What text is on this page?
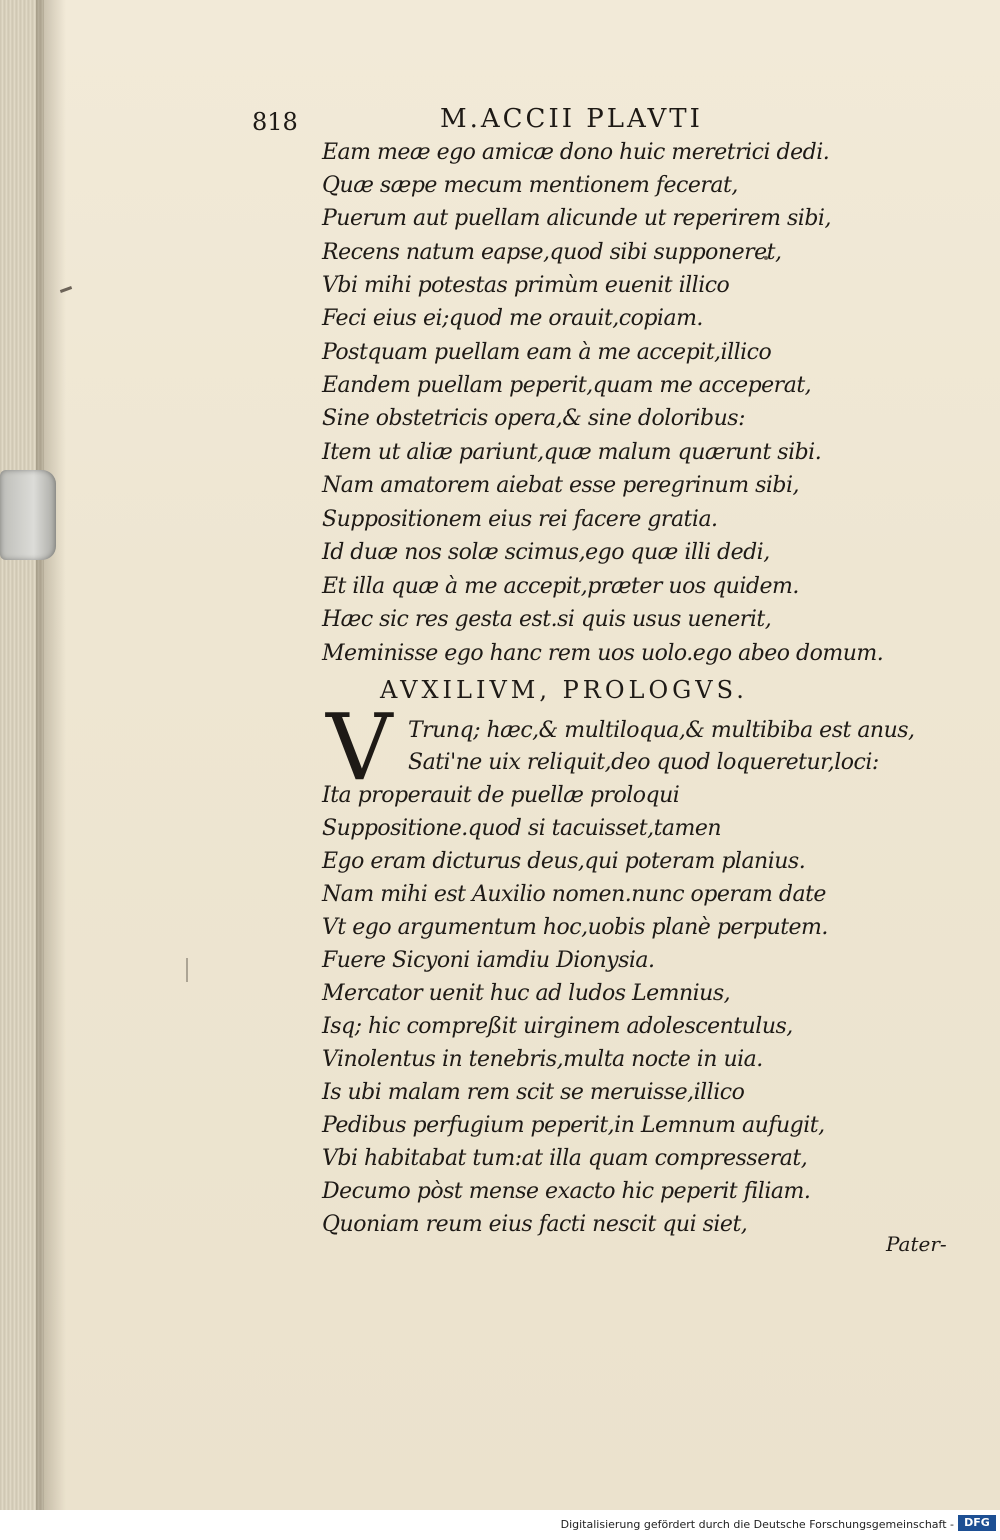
818	M.ACCII PLAVTI
Eam meæ ego amicæ dono huic meretrici dedi.
Quæ sæpe mecum mentionem fecerat,
Puerum aut puellam alicunde ut reperirem sibi,
Recens natum eapse,quod sibi supponeret,
Vbi mihi potestas primùm euenit illico
Feci eius ei;quod me orauit,copiam.
Postquam puellam eam à me accepit,illico
Eandem puellam peperit,quam me acceperat,
Sine obstetricis opera,& sine doloribus:
Item ut aliæ pariunt,quæ malum quærunt sibi.
Nam amatorem aiebat esse peregrinum sibi,
Suppositionem eius rei facere gratia.
Id duæ nos solæ scimus,ego quæ illi dedi,
Et illa quæ à me accepit,præter uos quidem.
Hæc sic res gesta est.si quis usus uenerit,
Meminisse ego hanc rem uos uolo.ego abeo domum.
AVXILIVM, PROLOGVS.
V Trunq; hæc,& multiloqua,& multibiba est anus,
Sati'ne uix reliquit,deo quod loqueretur,loci:
Ita properauit de puellæ proloqui
Suppositione.quod si tacuisset,tamen
Ego eram dicturus deus,qui poteram planius.
Nam mihi est Auxilio nomen.nunc operam date
Vt ego argumentum hoc,uobis planè perputem.
Fuere Sicyoni iamdiu Dionysia.
Mercator uenit huc ad ludos Lemnius,
Isq; hic compreßit uirginem adolescentulus,
Vinolentus in tenebris,multa nocte in uia.
Is ubi malam rem scit se meruisse,illico
Pedibus perfugium peperit,in Lemnum aufugit,
Vbi habitabat tum:at illa quam compresserat,
Decumo pòst mense exacto hic peperit filiam.
Quoniam reum eius facti nescit qui siet,
Pater-
Digitalisierung gefördert durch die Deutsche Forschungsgemeinschaft - DFG
